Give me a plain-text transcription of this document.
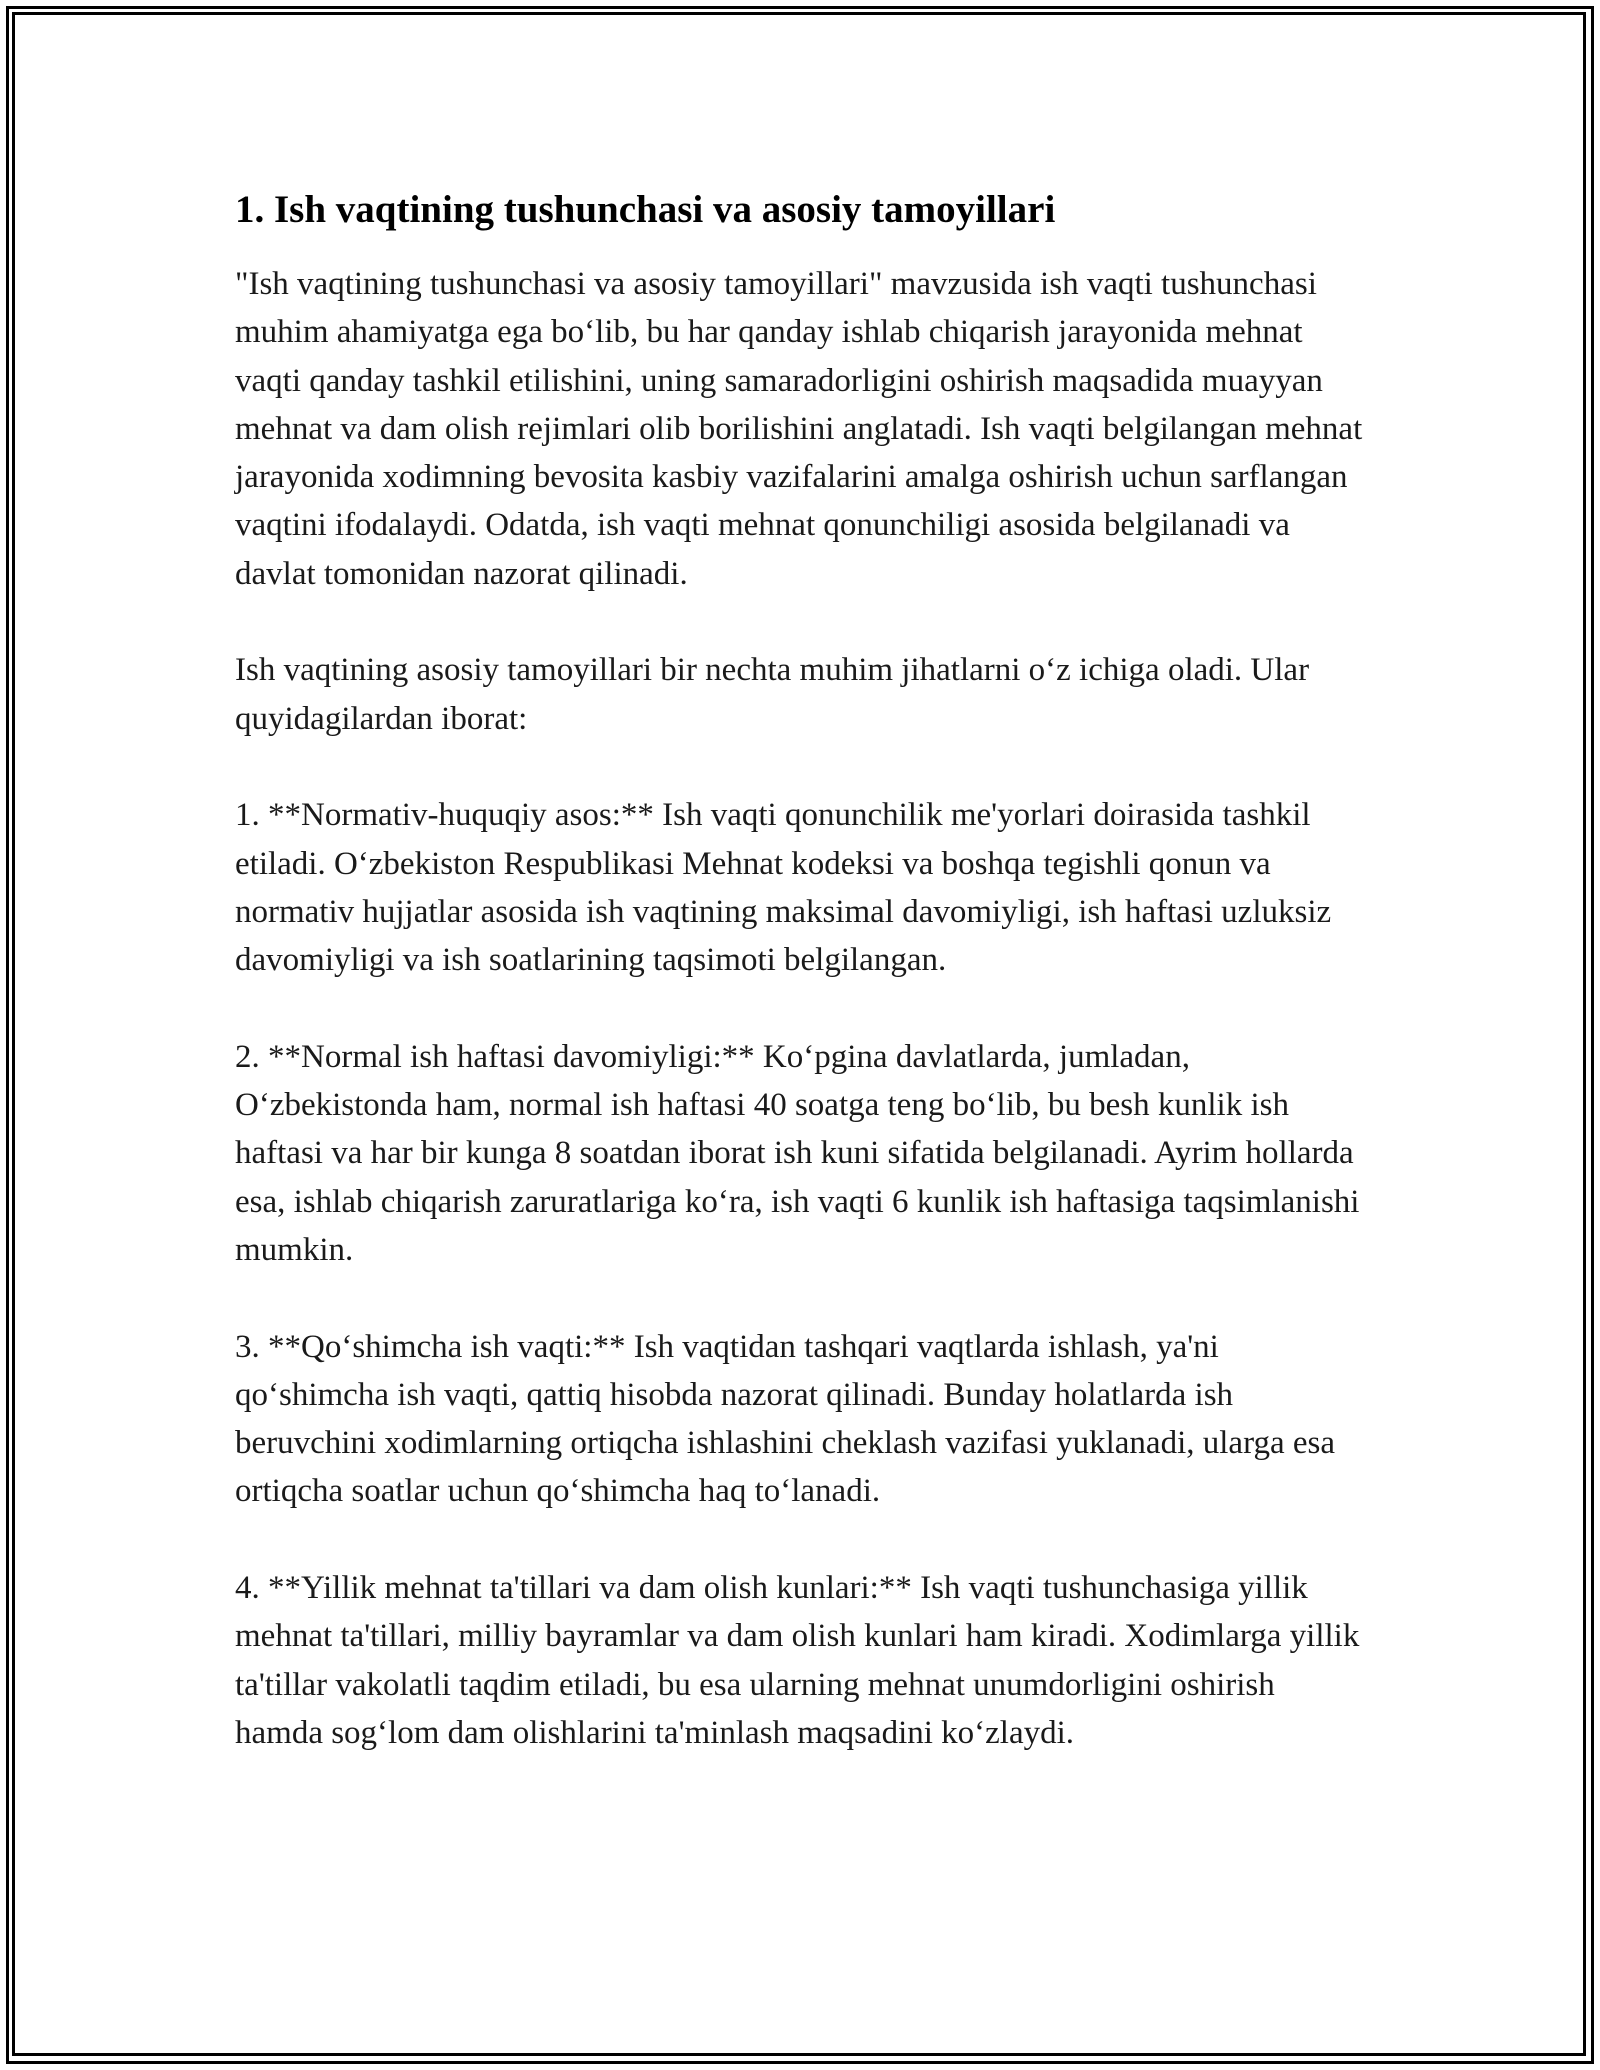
1. Ish vaqtining tushunchasi va asosiy tamoyillari

"Ish vaqtining tushunchasi va asosiy tamoyillari" mavzusida ish vaqti tushunchasi muhim ahamiyatga ega bo‘lib, bu har qanday ishlab chiqarish jarayonida mehnat vaqti qanday tashkil etilishini, uning samaradorligini oshirish maqsadida muayyan mehnat va dam olish rejimlari olib borilishini anglatadi. Ish vaqti belgilangan mehnat jarayonida xodimning bevosita kasbiy vazifalarini amalga oshirish uchun sarflangan vaqtini ifodalaydi. Odatda, ish vaqti mehnat qonunchiligi asosida belgilanadi va davlat tomonidan nazorat qilinadi.

Ish vaqtining asosiy tamoyillari bir nechta muhim jihatlarni o‘z ichiga oladi. Ular quyidagilardan iborat:

1. **Normativ-huquqiy asos:** Ish vaqti qonunchilik me'yorlari doirasida tashkil etiladi. O‘zbekiston Respublikasi Mehnat kodeksi va boshqa tegishli qonun va normativ hujjatlar asosida ish vaqtining maksimal davomiyligi, ish haftasi uzluksiz davomiyligi va ish soatlarining taqsimoti belgilangan.

2. **Normal ish haftasi davomiyligi:** Ko‘pgina davlatlarda, jumladan, O‘zbekistonda ham, normal ish haftasi 40 soatga teng bo‘lib, bu besh kunlik ish haftasi va har bir kunga 8 soatdan iborat ish kuni sifatida belgilanadi. Ayrim hollarda esa, ishlab chiqarish zaruratlariga ko‘ra, ish vaqti 6 kunlik ish haftasiga taqsimlanishi mumkin.

3. **Qo‘shimcha ish vaqti:** Ish vaqtidan tashqari vaqtlarda ishlash, ya'ni qo‘shimcha ish vaqti, qattiq hisobda nazorat qilinadi. Bunday holatlarda ish beruvchini xodimlarning ortiqcha ishlashini cheklash vazifasi yuklanadi, ularga esa ortiqcha soatlar uchun qo‘shimcha haq to‘lanadi.

4. **Yillik mehnat ta'tillari va dam olish kunlari:** Ish vaqti tushunchasiga yillik mehnat ta'tillari, milliy bayramlar va dam olish kunlari ham kiradi. Xodimlarga yillik ta'tillar vakolatli taqdim etiladi, bu esa ularning mehnat unumdorligini oshirish hamda sog‘lom dam olishlarini ta'minlash maqsadini ko‘zlaydi.
